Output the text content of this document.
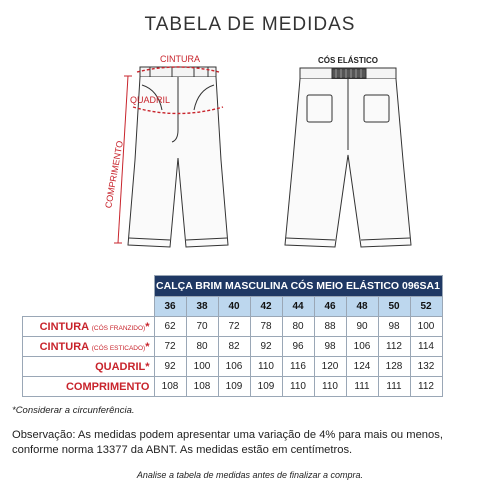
TABELA DE MEDIDAS
CINTURA
QUADRIL
COMPRIMENTO
CÓS ELÁSTICO
	CALÇA BRIM MASCULINA CÓS MEIO ELÁSTICO 096SA1								
	36	38	40	42	44	46	48	50	52
CINTURA (CÓS FRANZIDO)*	62	70	72	78	80	88	90	98	100
CINTURA (CÓS ESTICADO)*	72	80	82	92	96	98	106	112	114
QUADRIL*	92	100	106	110	116	120	124	128	132
COMPRIMENTO	108	108	109	109	110	110	111	111	112
*Considerar a circunferência.
Observação: As medidas podem apresentar uma variação de 4% para mais ou menos, conforme norma 13377 da ABNT. As medidas estão em centímetros.
Analise a tabela de medidas antes de finalizar a compra.
